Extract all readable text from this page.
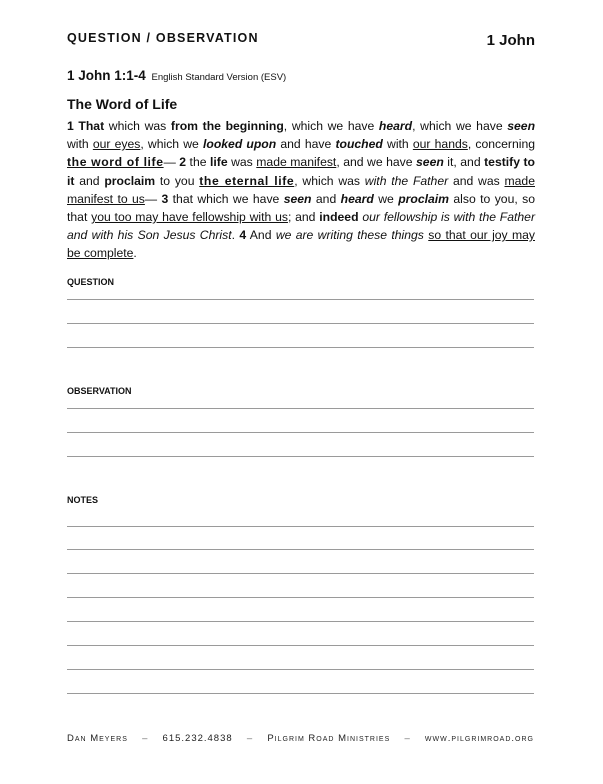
QUESTION / OBSERVATION	1 John
1 John 1:1-4 English Standard Version (ESV)
The Word of Life
1 That which was from the beginning, which we have heard, which we have seen with our eyes, which we looked upon and have touched with our hands, concerning the word of life— 2 the life was made manifest, and we have seen it, and testify to it and proclaim to you the eternal life, which was with the Father and was made manifest to us— 3 that which we have seen and heard we proclaim also to you, so that you too may have fellowship with us; and indeed our fellowship is with the Father and with his Son Jesus Christ. 4 And we are writing these things so that our joy may be complete.
QUESTION
OBSERVATION
NOTES
Dan Meyers – 615.232.4838 – Pilgrim Road Ministries – www.pilgrimroad.org
